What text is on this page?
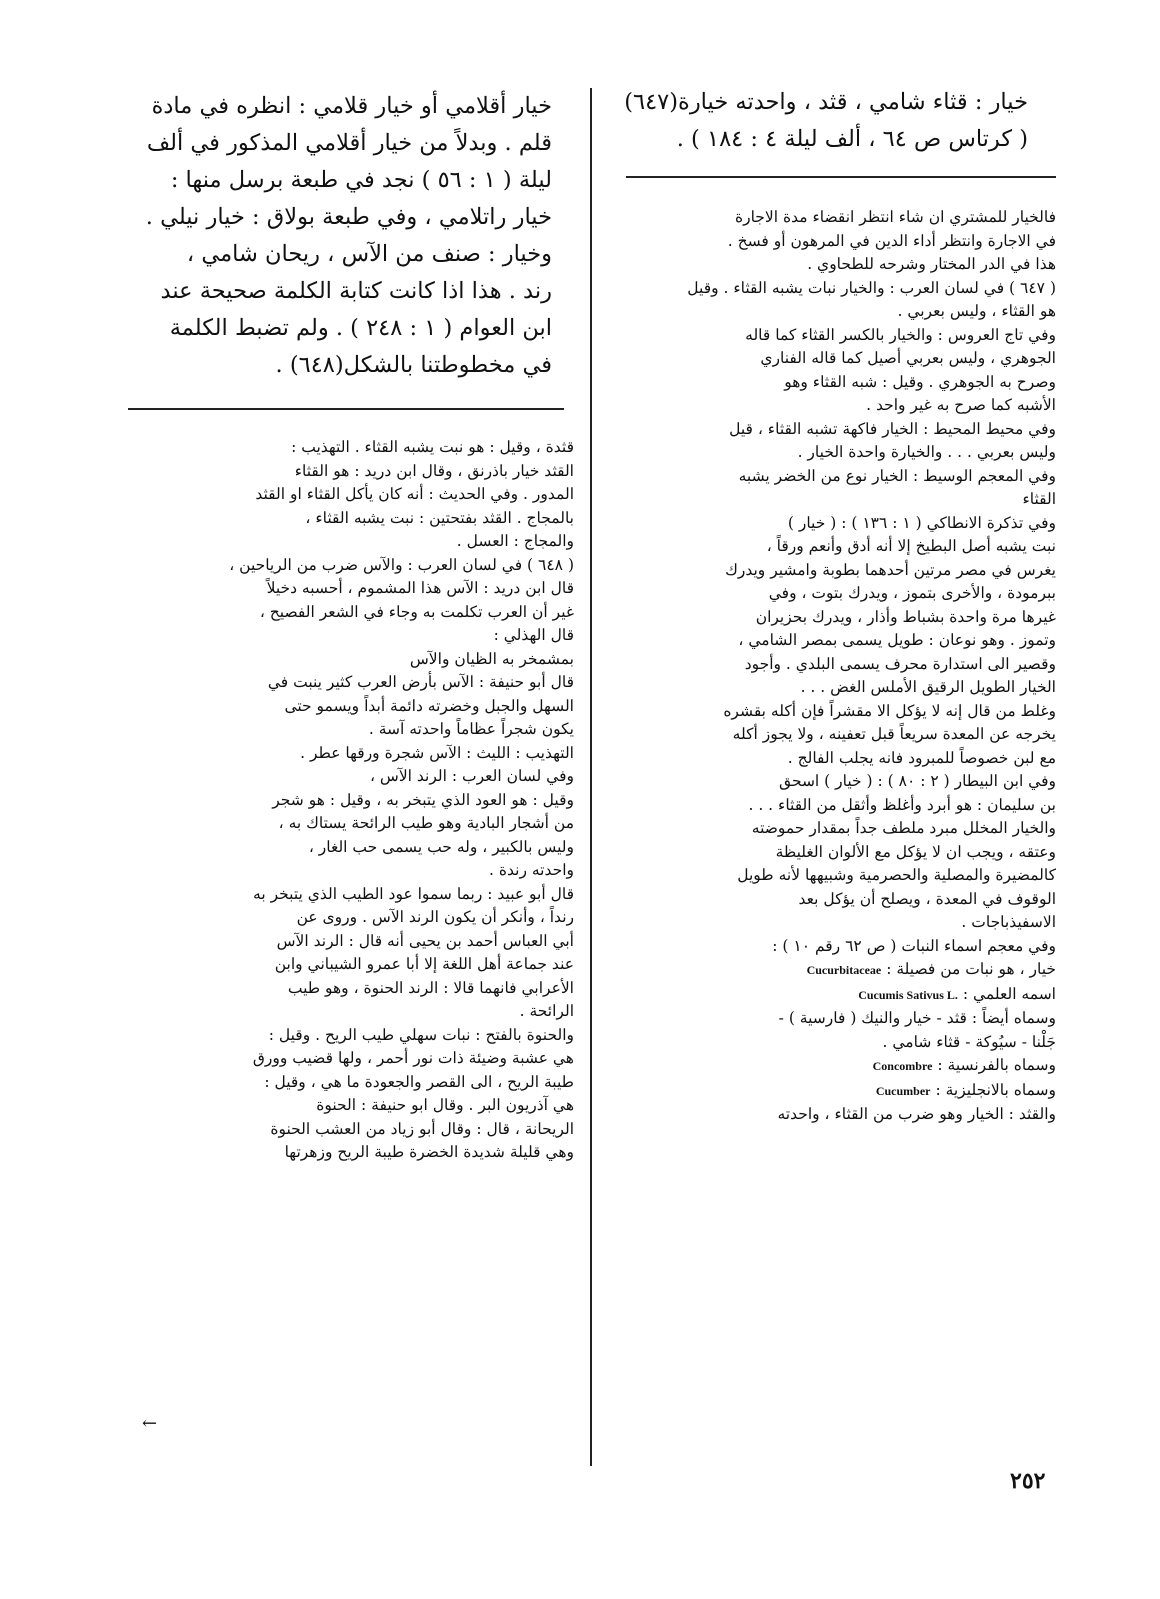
خيار : قثاء شامي ، قثد ، واحدته خيارة(٦٤٧)

( كرتاس ص ٦٤ ، ألف ليلة ٤ : ١٨٤ ) .

فالخيار للمشتري ان شاء انتظر انقضاء مدة الاجارة

في الاجارة وانتظر أداء الدين في المرهون أو فسخ .

هذا في الدر المختار وشرحه للطحاوي .

( ٦٤٧ ) في لسان العرب : والخيار نبات يشبه القثاء . وقيل

هو القثاء ، وليس بعربي .

وفي تاج العروس : والخيار بالكسر القثاء كما قاله

الجوهري ، وليس بعربي أصيل كما قاله الفناري

وصرح به الجوهري . وقيل : شبه القثاء وهو

الأشبه كما صرح به غير واحد .

وفي محيط المحيط : الخيار فاكهة تشبه القثاء ، قيل

وليس بعربي . . . والخيارة واحدة الخيار .

وفي المعجم الوسيط : الخيار نوع من الخضر يشبه

القثاء

وفي تذكرة الانطاكي ( ١ : ١٣٦ ) : ( خيار )

نبت يشبه أصل البطيخ إلا أنه أدق وأنعم ورقاً ،

يغرس في مصر مرتين أحدهما بطوبة وامشير ويدرك

ببرمودة ، والأخرى بتموز ، ويدرك بتوت ، وفي

غيرها مرة واحدة بشباط وأذار ، ويدرك بحزيران

وتموز . وهو نوعان : طويل يسمى بمصر الشامي ،

وقصير الى استدارة محرف يسمى البلدي . وأجود

الخيار الطويل الرقيق الأملس الغض . . .

وغلط من قال إنه لا يؤكل الا مقشراً فإن أكله بقشره

يخرجه عن المعدة سريعاً قبل تعفينه ، ولا يجوز أكله

مع لبن خصوصاً للمبرود فانه يجلب الفالج .

وفي ابن البيطار ( ٢ : ٨٠ ) : ( خيار ) اسحق

بن سليمان : هو أبرد وأغلظ وأثقل من القثاء . . .

والخيار المخلل مبرد ملطف جداً بمقدار حموضته

وعتقه ، ويجب ان لا يؤكل مع الألوان الغليظة

كالمضيرة والمصلية والحصرمية وشبيهها لأنه طويل

الوقوف في المعدة ، ويصلح أن يؤكل بعد

الاسفيذباجات .

وفي معجم اسماء النبات ( ص ٦٢ رقم ١٠ ) :

خيار ، هو نبات من فصيلة : Cucurbitaceae

اسمه العلمي : Cucumis Sativus L.

وسماه أيضاً : قثد - خيار والنيك ( فارسية ) -

جَلْنا - سيُوكة - قثاء شامي .

وسماه بالفرنسية : Concombre

وسماه بالانجليزية : Cucumber

والقثد : الخيار وهو ضرب من القثاء ، واحدته

خيار أقلامي أو خيار قلامي : انظره في مادة

قلم . وبدلاً من خيار أقلامي المذكور في ألف

ليلة ( ١ : ٥٦ ) نجد في طبعة برسل منها :

خيار راتلامي ، وفي طبعة بولاق : خيار نيلي .

وخيار : صنف من الآس ، ريحان شامي ،

رند . هذا اذا كانت كتابة الكلمة صحيحة عند

ابن العوام ( ١ : ٢٤٨ ) . ولم تضبط الكلمة

في مخطوطتنا بالشكل(٦٤٨) .

قثدة ، وقيل : هو نبت يشبه القثاء . التهذيب :

القثد خيار باذرنق ، وقال ابن دريد : هو القثاء

المدور . وفي الحديث : أنه كان يأكل القثاء او القثد

بالمجاج . القثد بفتحتين : نبت يشبه القثاء ،

والمجاج : العسل .

( ٦٤٨ ) في لسان العرب : والآس ضرب من الرياحين ،

قال ابن دريد : الآس هذا المشموم ، أحسبه دخيلاً

غير أن العرب تكلمت به وجاء في الشعر الفصيح ،

قال الهذلي :

بمشمخر به الظيان والآس

قال أبو حنيفة : الآس بأرض العرب كثير ينبت في

السهل والجبل وخضرته دائمة أبداً ويسمو حتى

يكون شجراً عظاماً واحدته آسة .

التهذيب : الليث : الآس شجرة ورقها عطر .

وفي لسان العرب : الرند الآس ،

وقيل : هو العود الذي يتبخر به ، وقيل : هو شجر

من أشجار البادية وهو طيب الرائحة يستاك به ،

وليس بالكبير ، وله حب يسمى حب الغار ،

واحدته رندة .

قال أبو عبيد : ربما سموا عود الطيب الذي يتبخر به

رنداً ، وأنكر أن يكون الرند الآس . وروى عن

أبي العباس أحمد بن يحيى أنه قال : الرند الآس

عند جماعة أهل اللغة إلا أبا عمرو الشيباني وابن

الأعرابي فانهما قالا : الرند الحنوة ، وهو طيب

الرائحة .

والحنوة بالفتح : نبات سهلي طيب الريح . وقيل :

هي عشبة وضيئة ذات نور أحمر ، ولها قضيب وورق

طيبة الريح ، الى القصر والجعودة ما هي ، وقيل :

هي آذريون البر . وقال ابو حنيفة : الحنوة

الريحانة ، قال : وقال أبو زياد من العشب الحنوة

وهي قليلة شديدة الخضرة طيبة الريح وزهرتها

←
٢٥٢
